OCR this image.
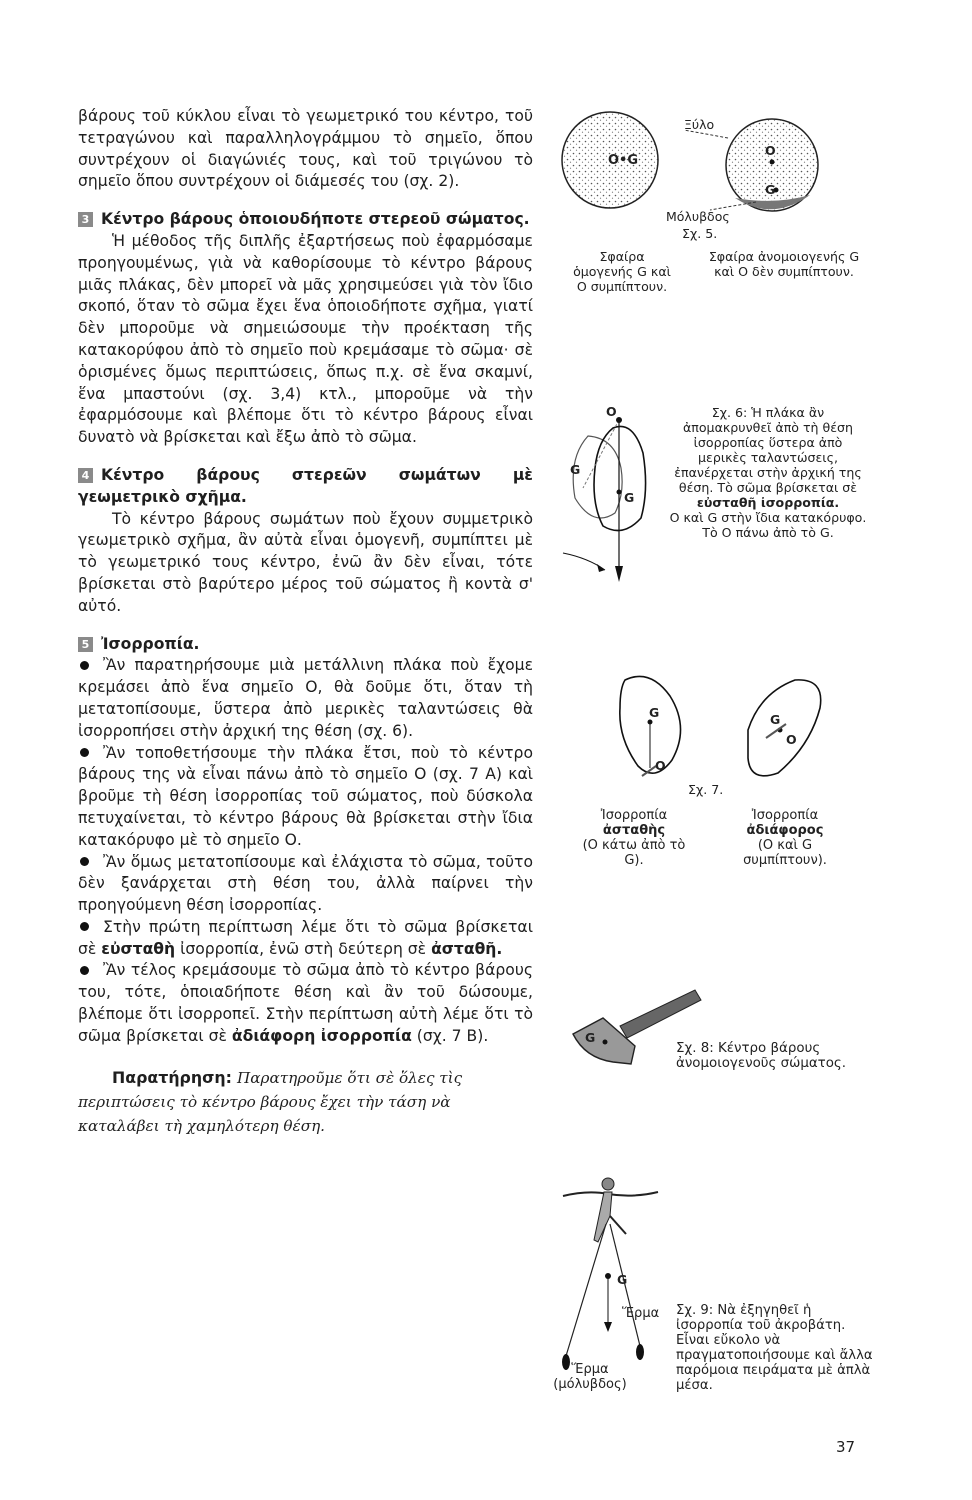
βάρους τοῦ κύκλου εἶναι τὸ γεωμετρικό του κέντρο, τοῦ τετραγώνου καὶ παραλληλογράμμου τὸ σημεῖο, ὅπου συντρέχουν οἱ διαγώνιές τους, καὶ τοῦ τριγώνου τὸ σημεῖο ὅπου συντρέχουν οἱ διάμεσές του (σχ. 2).

3 Κέντρο βάρους ὁποιουδήποτε στερεοῦ σώματος.

Ἡ μέθοδος τῆς διπλῆς ἐξαρτήσεως ποὺ ἐφαρμόσαμε προηγουμένως, γιὰ νὰ καθορίσουμε τὸ κέντρο βάρους μιᾶς πλάκας, δὲν μπορεῖ νὰ μᾶς χρησιμεύσει γιὰ τὸν ἴδιο σκοπό, ὅταν τὸ σῶμα ἔχει ἕνα ὁποιοδήποτε σχῆμα, γιατί δὲν μποροῦμε νὰ σημειώσουμε τὴν προέκταση τῆς κατακορύφου ἀπὸ τὸ σημεῖο ποὺ κρεμάσαμε τὸ σῶμα· σὲ ὁρισμένες ὅμως περιπτώσεις, ὅπως π.χ. σὲ ἕνα σκαμνί, ἕνα μπαστούνι (σχ. 3,4) κτλ., μποροῦμε νὰ τὴν ἐφαρμόσουμε καὶ βλέπομε ὅτι τὸ κέντρο βάρους εἶναι δυνατὸ νὰ βρίσκεται καὶ ἔξω ἀπὸ τὸ σῶμα.

4 Κέντρο βάρους στερεῶν σωμάτων μὲ γεωμετρικὸ σχῆμα.

Τὸ κέντρο βάρους σωμάτων ποὺ ἔχουν συμμετρικὸ γεωμετρικὸ σχῆμα, ἂν αὐτὰ εἶναι ὁμογενῆ, συμπίπτει μὲ τὸ γεωμετρικό τους κέντρο, ἐνῶ ἂν δὲν εἶναι, τότε βρίσκεται στὸ βαρύτερο μέρος τοῦ σώματος ἢ κοντὰ σ' αὐτό.

5 Ἰσορροπία.

Ἂν παρατηρήσουμε μιὰ μετάλλινη πλάκα ποὺ ἔχομε κρεμάσει ἀπὸ ἕνα σημεῖο Ο, θὰ δοῦμε ὅτι, ὅταν τὴ μετατοπίσουμε, ὕστερα ἀπὸ μερικὲς ταλαντώσεις θὰ ἰσορροπήσει στὴν ἀρχική της θέση (σχ. 6).

Ἂν τοποθετήσουμε τὴν πλάκα ἔτσι, ποὺ τὸ κέντρο βάρους της νὰ εἶναι πάνω ἀπὸ τὸ σημεῖο Ο (σχ. 7 Α) καὶ βροῦμε τὴ θέση ἰσορροπίας τοῦ σώματος, ποὺ δύσκολα πετυχαίνεται, τὸ κέντρο βάρους θὰ βρίσκεται στὴν ἴδια κατακόρυφο μὲ τὸ σημεῖο Ο.

Ἂν ὅμως μετατοπίσουμε καὶ ἐλάχιστα τὸ σῶμα, τοῦτο δὲν ξανάρχεται στὴ θέση του, ἀλλὰ παίρνει τὴν προηγούμενη θέση ἰσορροπίας.

Στὴν πρώτη περίπτωση λέμε ὅτι τὸ σῶμα βρίσκεται σὲ εὐσταθὴ ἰσορροπία, ἐνῶ στὴ δεύτερη σὲ ἀσταθῆ.

Ἂν τέλος κρεμάσουμε τὸ σῶμα ἀπὸ τὸ κέντρο βάρους του, τότε, ὁποιαδήποτε θέση καὶ ἂν τοῦ δώσουμε, βλέπομε ὅτι ἰσορροπεῖ. Στὴν περίπτωση αὐτὴ λέμε ὅτι τὸ σῶμα βρίσκεται σὲ ἀδιάφορη ἰσορροπία (σχ. 7 Β).

Παρατήρηση: Παρατηροῦμε ὅτι σὲ ὅλες τὶς περιπτώσεις τὸ κέντρο βάρους ἔχει τὴν τάση νὰ καταλάβει τὴ χαμηλότερη θέση.
O•G
Ξύλο
O
G
Μόλυβδος
Σχ. 5.
Σφαίρα ὁμογενής G καὶ O συμπίπτουν.
Σφαίρα ἀνομοιογενής G καὶ O δὲν συμπίπτουν.
O
G
G
Σχ. 6: Ἡ πλάκα ἂν ἀπομακρυνθεῖ ἀπὸ τὴ θέση ἰσορροπίας ὕστερα ἀπὸ μερικὲς ταλαντώσεις, ἐπανέρχεται στὴν ἀρχική της θέση. Τὸ σῶμα βρίσκεται σὲ
εὐσταθῆ ἰσορροπία.
O καὶ G στὴν ἴδια κατακόρυφο. Τὸ O πάνω ἀπὸ τὸ G.
G
O
G
O
Σχ. 7.
Ἰσορροπία
ἀσταθὴς
(O κάτω ἀπὸ τὸ G).
Ἰσορροπία
ἀδιάφορος
(O καὶ G συμπίπτουν).
G
Σχ. 8: Κέντρο βάρους ἀνομοιογενοῦς σώματος.
G
Ἕρμα
Ἕρμα
(μόλυβδος)
Σχ. 9: Νὰ ἐξηγηθεῖ ἡ ἰσορροπία τοῦ ἀκροβάτη. Εἶναι εὔκολο νὰ πραγματοποιήσουμε καὶ ἄλλα παρόμοια πειράματα μὲ ἁπλὰ μέσα.
37
